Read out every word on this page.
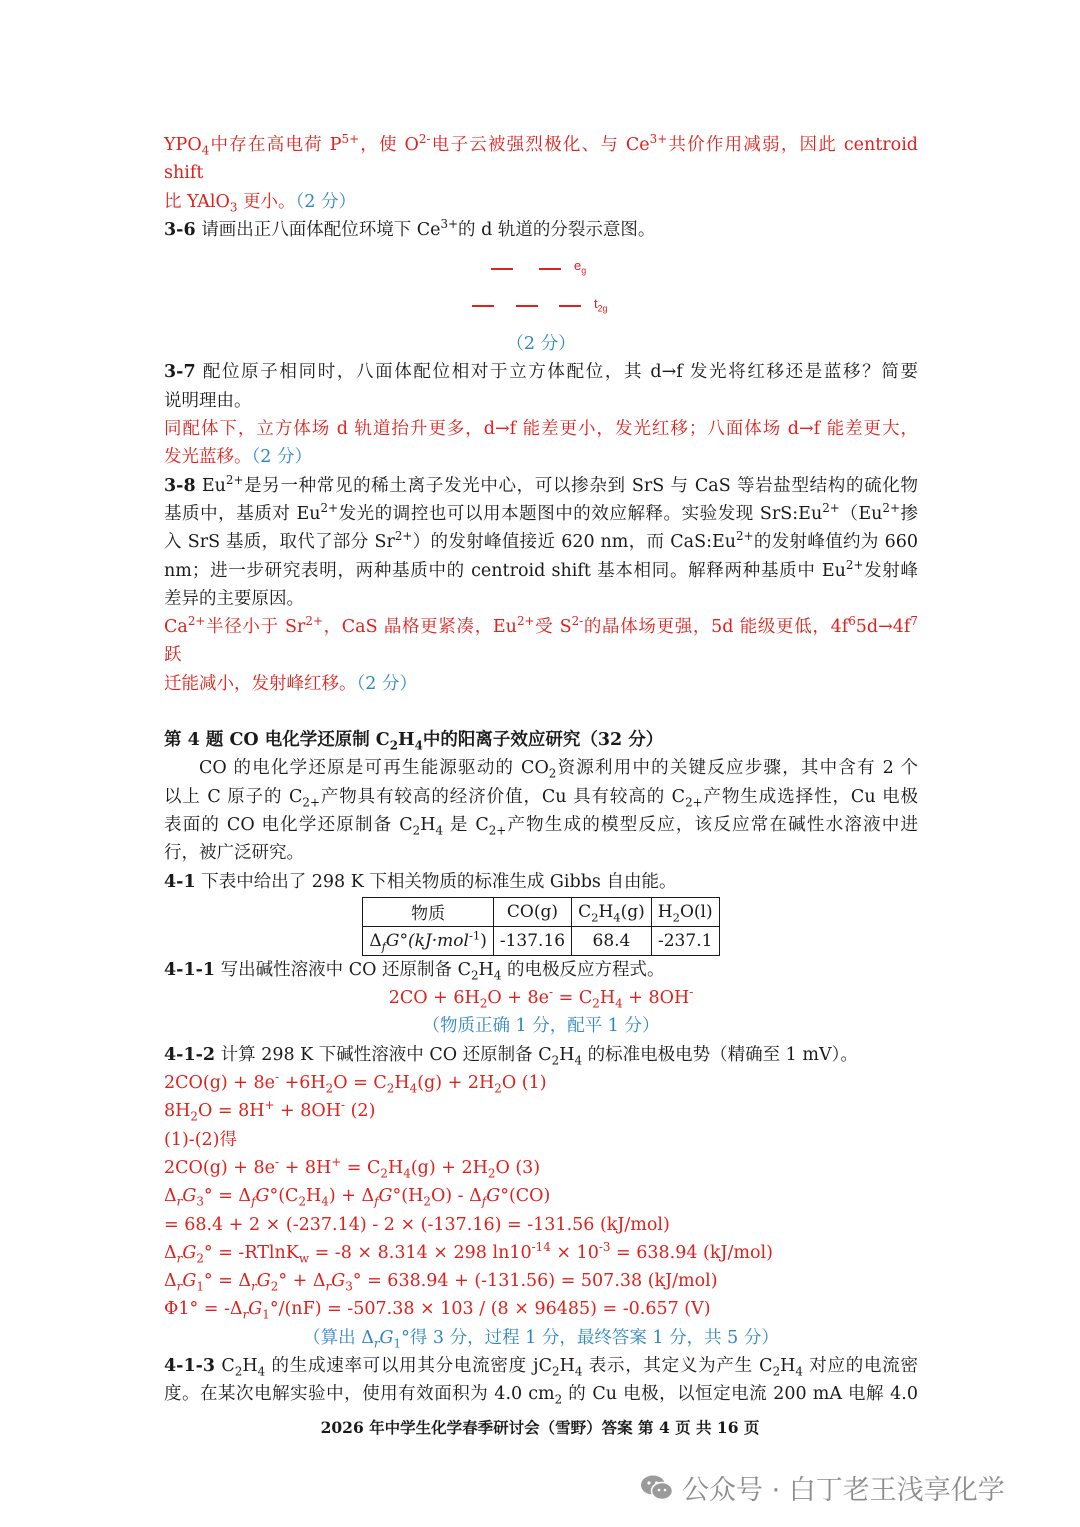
$YPO_4$中存在高电荷 $P^{5+}$，使 $O^{2-}$电子云被强烈极化、与 $Ce^{3+}$共价作用减弱，因此 centroid shift

比 YAlO$_3$ 更小。（2 分）

3-6 请画出正八面体配位环境下 $Ce^{3+}$的 d 轨道的分裂示意图。

$e_g$
$t_{2g}$

（2 分）

3-7 配位原子相同时，八面体配位相对于立方体配位，其 d→f 发光将红移还是蓝移？简要

说明理由。

同配体下，立方体场 d 轨道抬升更多，d→f 能差更小，发光红移；八面体场 d→f 能差更大，

发光蓝移。（2 分）

3-8 $Eu^{2+}$是另一种常见的稀土离子发光中心，可以掺杂到 SrS 与 CaS 等岩盐型结构的硫化物

基质中，基质对 $Eu^{2+}$发光的调控也可以用本题图中的效应解释。实验发现 $SrS:Eu^{2+}(Eu^{2+}$掺

入 SrS 基质，取代了部分 $Sr^{2+}$）的发射峰值接近 620 nm，而 $CaS:Eu^{2+}$的发射峰值约为 660

nm；进一步研究表明，两种基质中的 centroid shift 基本相同。解释两种基质中 $Eu^{2+}$发射峰

差异的主要原因。

$Ca^{2+}$半径小于 $Sr^{2+}$，CaS 晶格更紧凑，$Eu^{2+}$受 $S^{2-}$的晶体场更强，5d 能级更低，$4f^65d\to 4f^7$ 跃

迁能减小，发射峰红移。（2 分）

第 4 题 CO 电化学还原制 $C_2H_4$中的阳离子效应研究（32 分）

CO 的电化学还原是可再生能源驱动的 $CO_2$资源利用中的关键反应步骤，其中含有 2 个

以上 C 原子的 $C_{2+}$产物具有较高的经济价值，Cu 具有较高的 $C_{2+}$产物生成选择性，Cu 电极

表面的 CO 电化学还原制备 $C_2H_4$ 是 $C_{2+}$产物生成的模型反应，该反应常在碱性水溶液中进

行，被广泛研究。

4-1 下表中给出了 298 K 下相关物质的标准生成 Gibbs 自由能。

物质	CO(g)	$C_2H_4(g)$	$H_2O(l)$
$\Delta_fG^\circ(kJ\cdot mol^{-1})$	-137.16	68.4	-237.1

4-1-1 写出碱性溶液中 CO 还原制备 $C_2H_4$ 的电极反应方程式。

$2CO + 6H_2O + 8e^- = C_2H_4 + 8OH^-$

（物质正确 1 分，配平 1 分）

4-1-2 计算 298 K 下碱性溶液中 CO 还原制备 $C_2H_4$ 的标准电极电势（精确至 1 mV）。

$2CO(g) + 8e^- +6H_2O = C_2H_4(g) + 2H_2O$ (1)

$8H_2O = 8H^+ + 8OH^-$ (2)

(1)-(2)得

$2CO(g) + 8e^- + 8H^+ = C_2H_4(g) + 2H_2O$ (3)

$\Delta_rG_3^\circ = \Delta_fG^\circ(C_2H_4) + \Delta_fG^\circ(H_2O) - \Delta_fG^\circ(CO)$

= 68.4 + 2 × (-237.14) - 2 × (-137.16) = -131.56 (kJ/mol)

$\Delta_rG_2^\circ = -RTlnK_w = -8 \times 8.314 \times 298$ $\ln 10^{-14} \times 10^{-3} = 638.94$ (kJ/mol)

$\Delta_rG_1^\circ = \Delta_rG_2^\circ + \Delta_rG_3^\circ = 638.94 + (-131.56) = 507.38$ (kJ/mol)

$\Phi 1^\circ = -\Delta_rG_1^\circ/(nF) = -507.38 \times 103 / (8 \times 96485) = -0.657$ (V)

（算出 $\Delta_rG_1^\circ$得 3 分，过程 1 分，最终答案 1 分，共 5 分）

4-1-3 $C_2H_4$ 的生成速率可以用其分电流密度 $jC_2H_4$ 表示，其定义为产生 $C_2H_4$ 对应的电流密

度。在某次电解实验中，使用有效面积为 4.0 $cm_2$ 的 Cu 电极，以恒定电流 200 mA 电解 4.0

2026 年中学生化学春季研讨会（雪野）答案 第 4 页 共 16 页
公众号 · 白丁老王浅享化学
